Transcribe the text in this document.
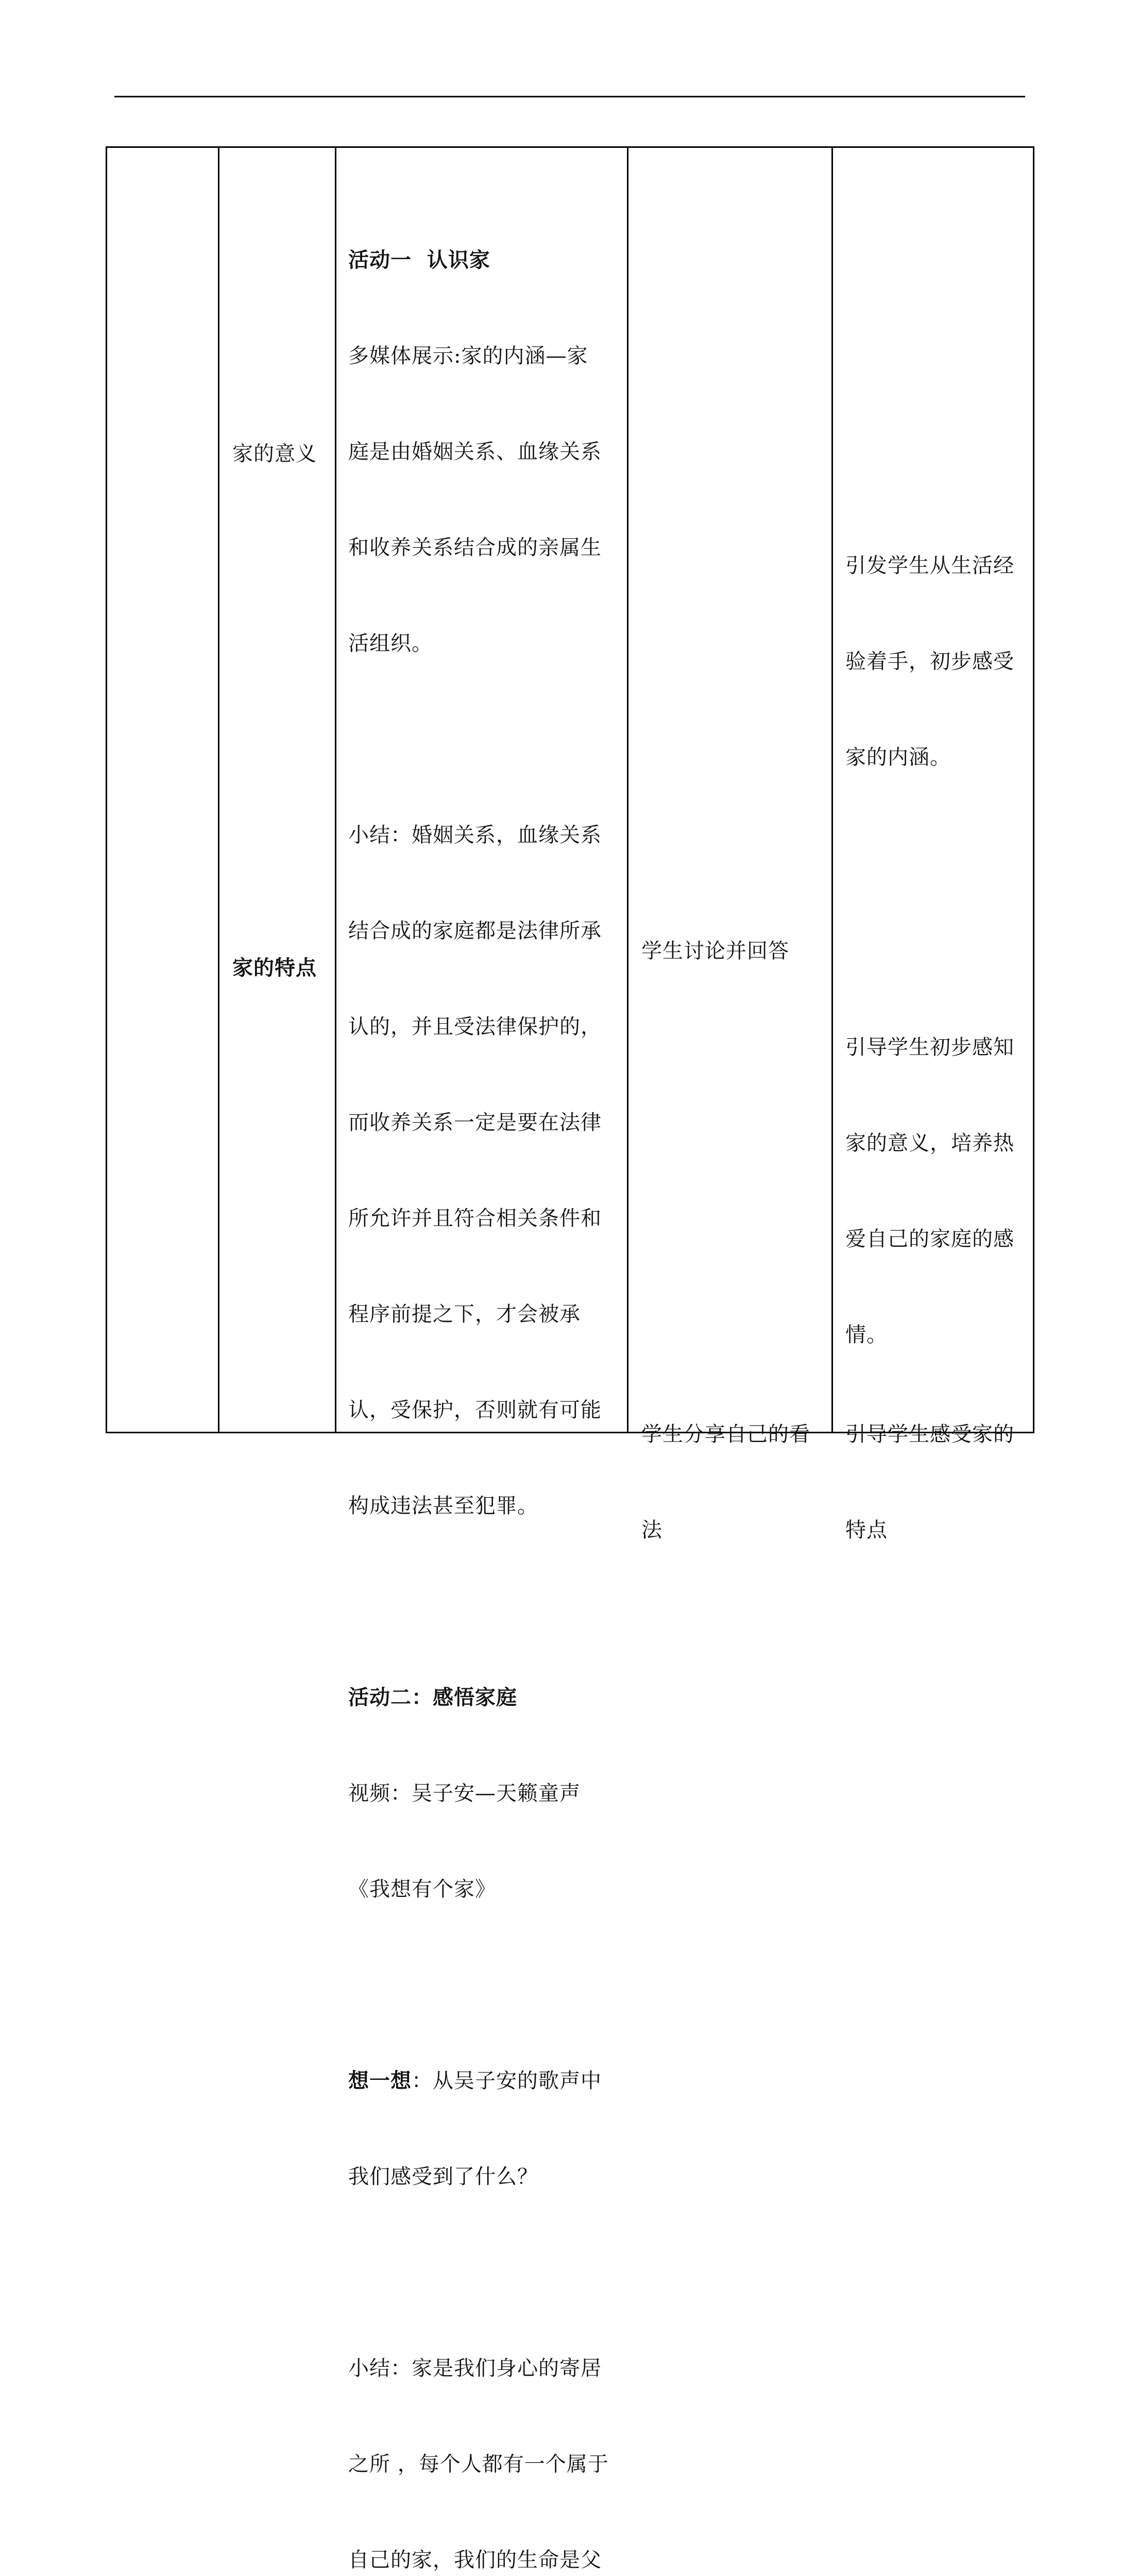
家的意义
家的特点

活动一  认识家

多媒体展示:家的内涵—家

庭是由婚姻关系、血缘关系

和收养关系结合成的亲属生

活组织。

小结：婚姻关系，血缘关系

结合成的家庭都是法律所承

认的，并且受法律保护的，

而收养关系一定是要在法律

所允许并且符合相关条件和

程序前提之下，才会被承

认，受保护，否则就有可能

构成违法甚至犯罪。

活动二：感悟家庭

视频：吴子安—天籁童声

《我想有个家》

想一想：从吴子安的歌声中

我们感受到了什么？

小结：家是我们身心的寄居

之所 ，每个人都有一个属于

自己的家，我们的生命是父

学生讨论并回答

学生分享自己的看

法

引发学生从生活经

验着手，初步感受

家的内涵。

引导学生初步感知

家的意义，培养热

爱自己的家庭的感

情。

引导学生感受家的

特点
